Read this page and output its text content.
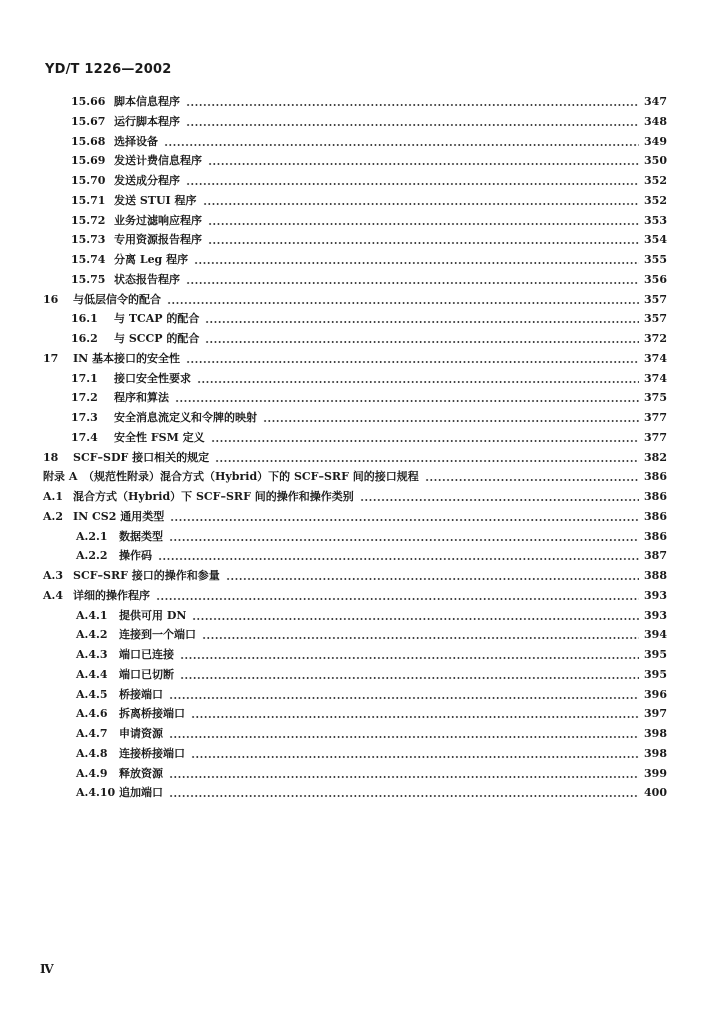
YD/T 1226—2002
15.66 脚本信息程序	347
15.67 运行脚本程序	348
15.68 选择设备	349
15.69 发送计费信息程序	350
15.70 发送成分程序	352
15.71 发送 STUI 程序	352
15.72 业务过滤响应程序	353
15.73 专用资源报告程序	354
15.74 分离 Leg 程序	355
15.75 状态报告程序	356
16 与低层信令的配合	357
16.1 与 TCAP 的配合	357
16.2 与 SCCP 的配合	372
17 IN 基本接口的安全性	374
17.1 接口安全性要求	374
17.2 程序和算法	375
17.3 安全消息流定义和令牌的映射	377
17.4 安全性 FSM 定义	377
18 SCF–SDF 接口相关的规定	382
附录 A （规范性附录）混合方式（Hybrid）下的 SCF–SRF 间的接口规程	386
A.1 混合方式（Hybrid）下 SCF–SRF 间的操作和操作类别	386
A.2 IN CS2 通用类型	386
A.2.1 数据类型	386
A.2.2 操作码	387
A.3 SCF–SRF 接口的操作和参量	388
A.4 详细的操作程序	393
A.4.1 提供可用 DN	393
A.4.2 连接到一个端口	394
A.4.3 端口已连接	395
A.4.4 端口已切断	395
A.4.5 桥接端口	396
A.4.6 拆离桥接端口	397
A.4.7 申请资源	398
A.4.8 连接桥接端口	398
A.4.9 释放资源	399
A.4.10 追加端口	400
Ⅳ
